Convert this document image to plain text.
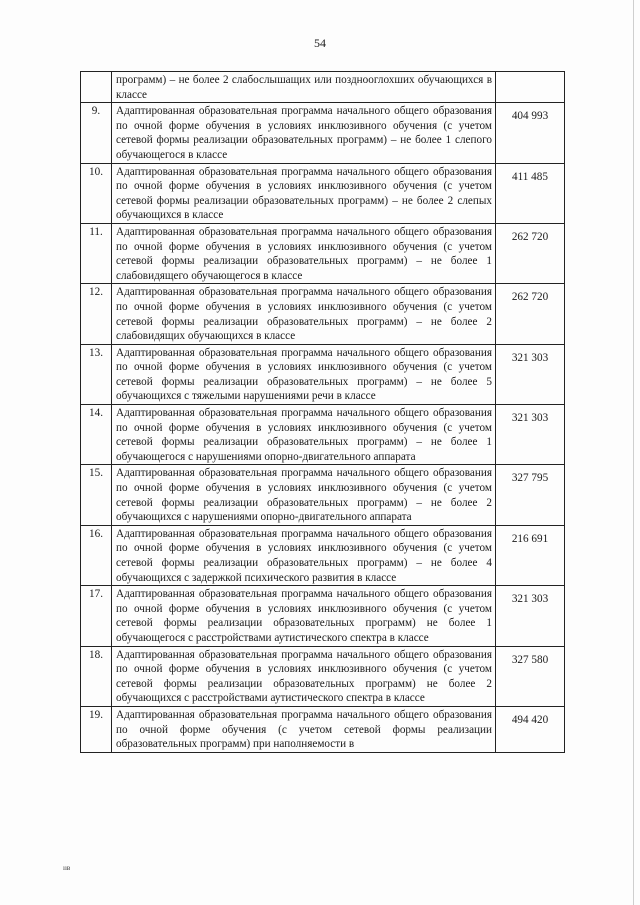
54
	программ) – не более 2 слабослышащих или позднооглохших обучающихся в классе	

9.	Адаптированная образовательная программа начального общего образования по очной форме обучения в условиях инклюзивного обучения (с учетом сетевой формы реализации образовательных программ) – не более 1 слепого обучающегося в классе	404 993

10.	Адаптированная образовательная программа начального общего образования по очной форме обучения в условиях инклюзивного обучения (с учетом сетевой формы реализации образовательных программ) – не более 2 слепых обучающихся в классе	411 485

11.	Адаптированная образовательная программа начального общего образования по очной форме обучения в условиях инклюзивного обучения (с учетом сетевой формы реализации образовательных программ) – не более 1 слабовидящего обучающегося в классе	262 720

12.	Адаптированная образовательная программа начального общего образования по очной форме обучения в условиях инклюзивного обучения (с учетом сетевой формы реализации образовательных программ) – не более 2 слабовидящих обучающихся в классе	262 720

13.	Адаптированная образовательная программа начального общего образования по очной форме обучения в условиях инклюзивного обучения (с учетом сетевой формы реализации образовательных программ) – не более 5 обучающихся с тяжелыми нарушениями речи в классе	321 303

14.	Адаптированная образовательная программа начального общего образования по очной форме обучения в условиях инклюзивного обучения (с учетом сетевой формы реализации образовательных программ) – не более 1 обучающегося с нарушениями опорно-двигательного аппарата	321 303

15.	Адаптированная образовательная программа начального общего образования по очной форме обучения в условиях инклюзивного обучения (с учетом сетевой формы реализации образовательных программ) – не более 2 обучающихся с нарушениями опорно-двигательного аппарата	327 795

16.	Адаптированная образовательная программа начального общего образования по очной форме обучения в условиях инклюзивного обучения (с учетом сетевой формы реализации образовательных программ) – не более 4 обучающихся с задержкой психического развития в классе	216 691

17.	Адаптированная образовательная программа начального общего образования по очной форме обучения в условиях инклюзивного обучения (с учетом сетевой формы реализации образовательных программ) не более 1 обучающегося с расстройствами аутистического спектра в классе	321 303

18.	Адаптированная образовательная программа начального общего образования по очной форме обучения в условиях инклюзивного обучения (с учетом сетевой формы реализации образовательных программ) не более 2 обучающихся с расстройствами аутистического спектра в классе	327 580

19.	Адаптированная образовательная программа начального общего образования по очной форме обучения (с учетом сетевой формы реализации образовательных программ) при наполняемости в	494 420
ııв
